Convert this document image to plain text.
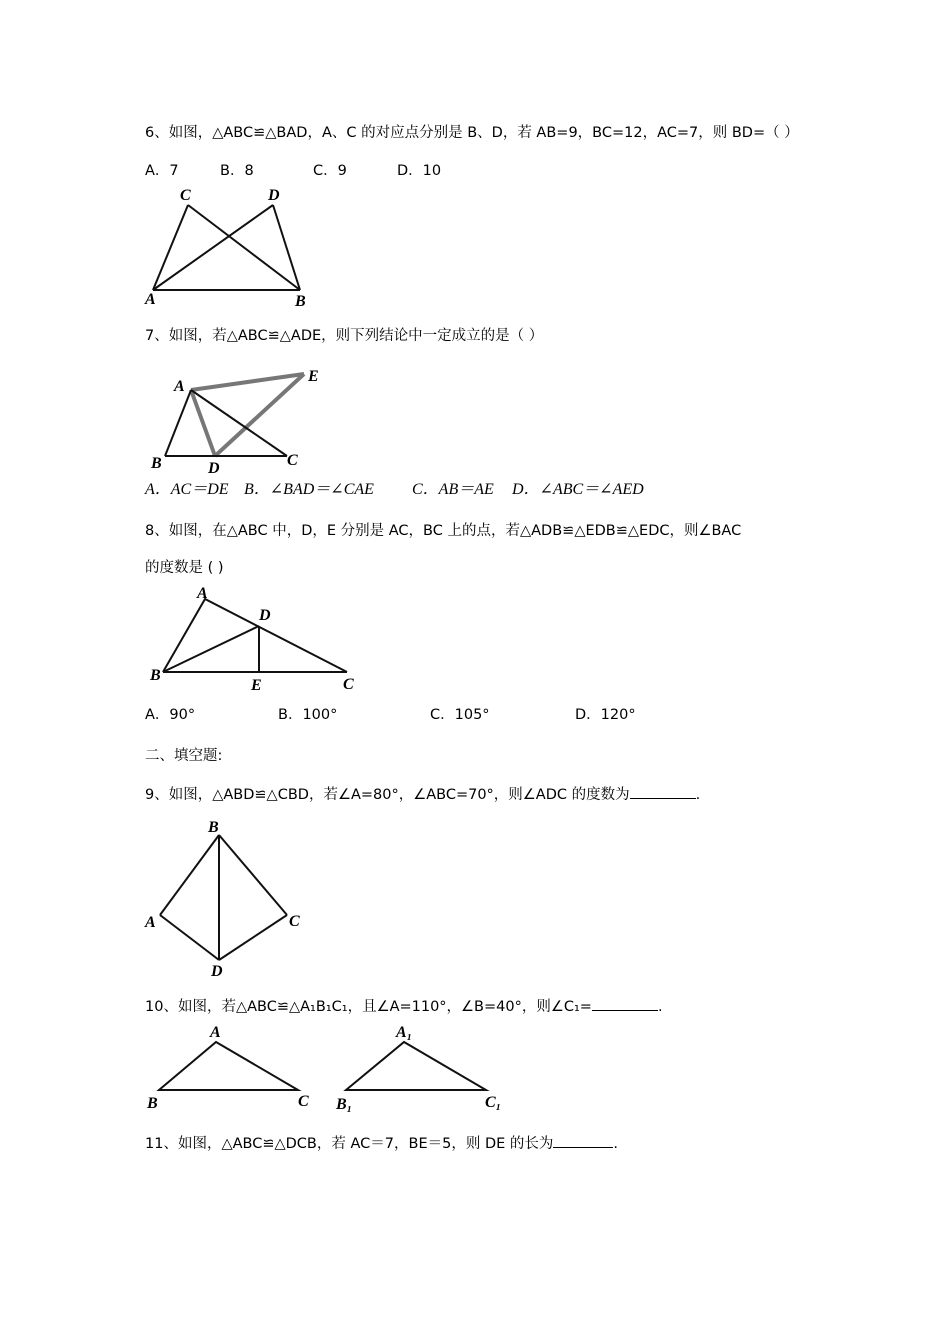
6、如图，△ABC≌△BAD，A、C 的对应点分别是 B、D，若 AB=9，BC=12，AC=7，则 BD=（ ）
A．7	B．8	C．9	D．10
C	D
A	B
7、如图，若△ABC≌△ADE，则下列结论中一定成立的是（ ）
A
E
B	D	C
A．AC＝DE B．∠BAD＝∠CAE C．AB＝AE D．∠ABC＝∠AED
8、如图，在△ABC 中，D，E 分别是 AC，BC 上的点，若△ADB≌△EDB≌△EDC，则∠BAC
的度数是 ( )
A
D
B
E	C
A．90°	B．100°	C．105°	D．120°
二、填空题:
9、如图，△ABD≌△CBD，若∠A=80°，∠ABC=70°，则∠ADC 的度数为	.
B
A	C
D
10、如图，若△ABC≌△A₁B₁C₁，且∠A=110°，∠B=40°，则∠C₁=	.
A
B	C
A₁
B₁	C₁
11、如图，△ABC≌△DCB，若 AC＝7，BE＝5，则 DE 的长为	.
